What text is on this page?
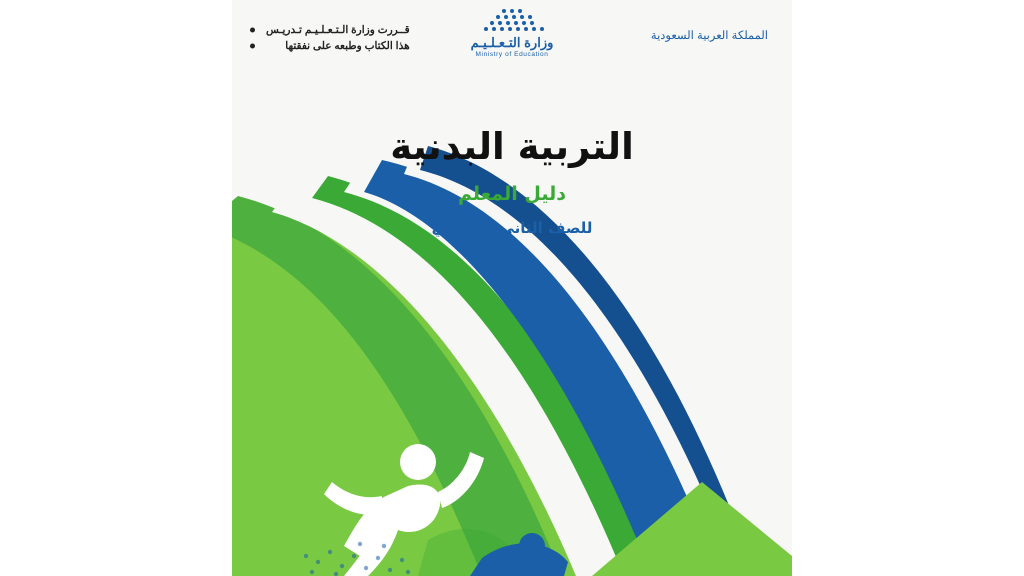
المملكة العربية السعودية
وزارة التـعـلـيـم
Ministry of Education
قــررت وزارة الـتـعـلـيـم تـدريـس
هذا الكتاب وطبعه على نفقتها
التربية البدنية
دليل المعلم
للصف الثاني الابتدائي
